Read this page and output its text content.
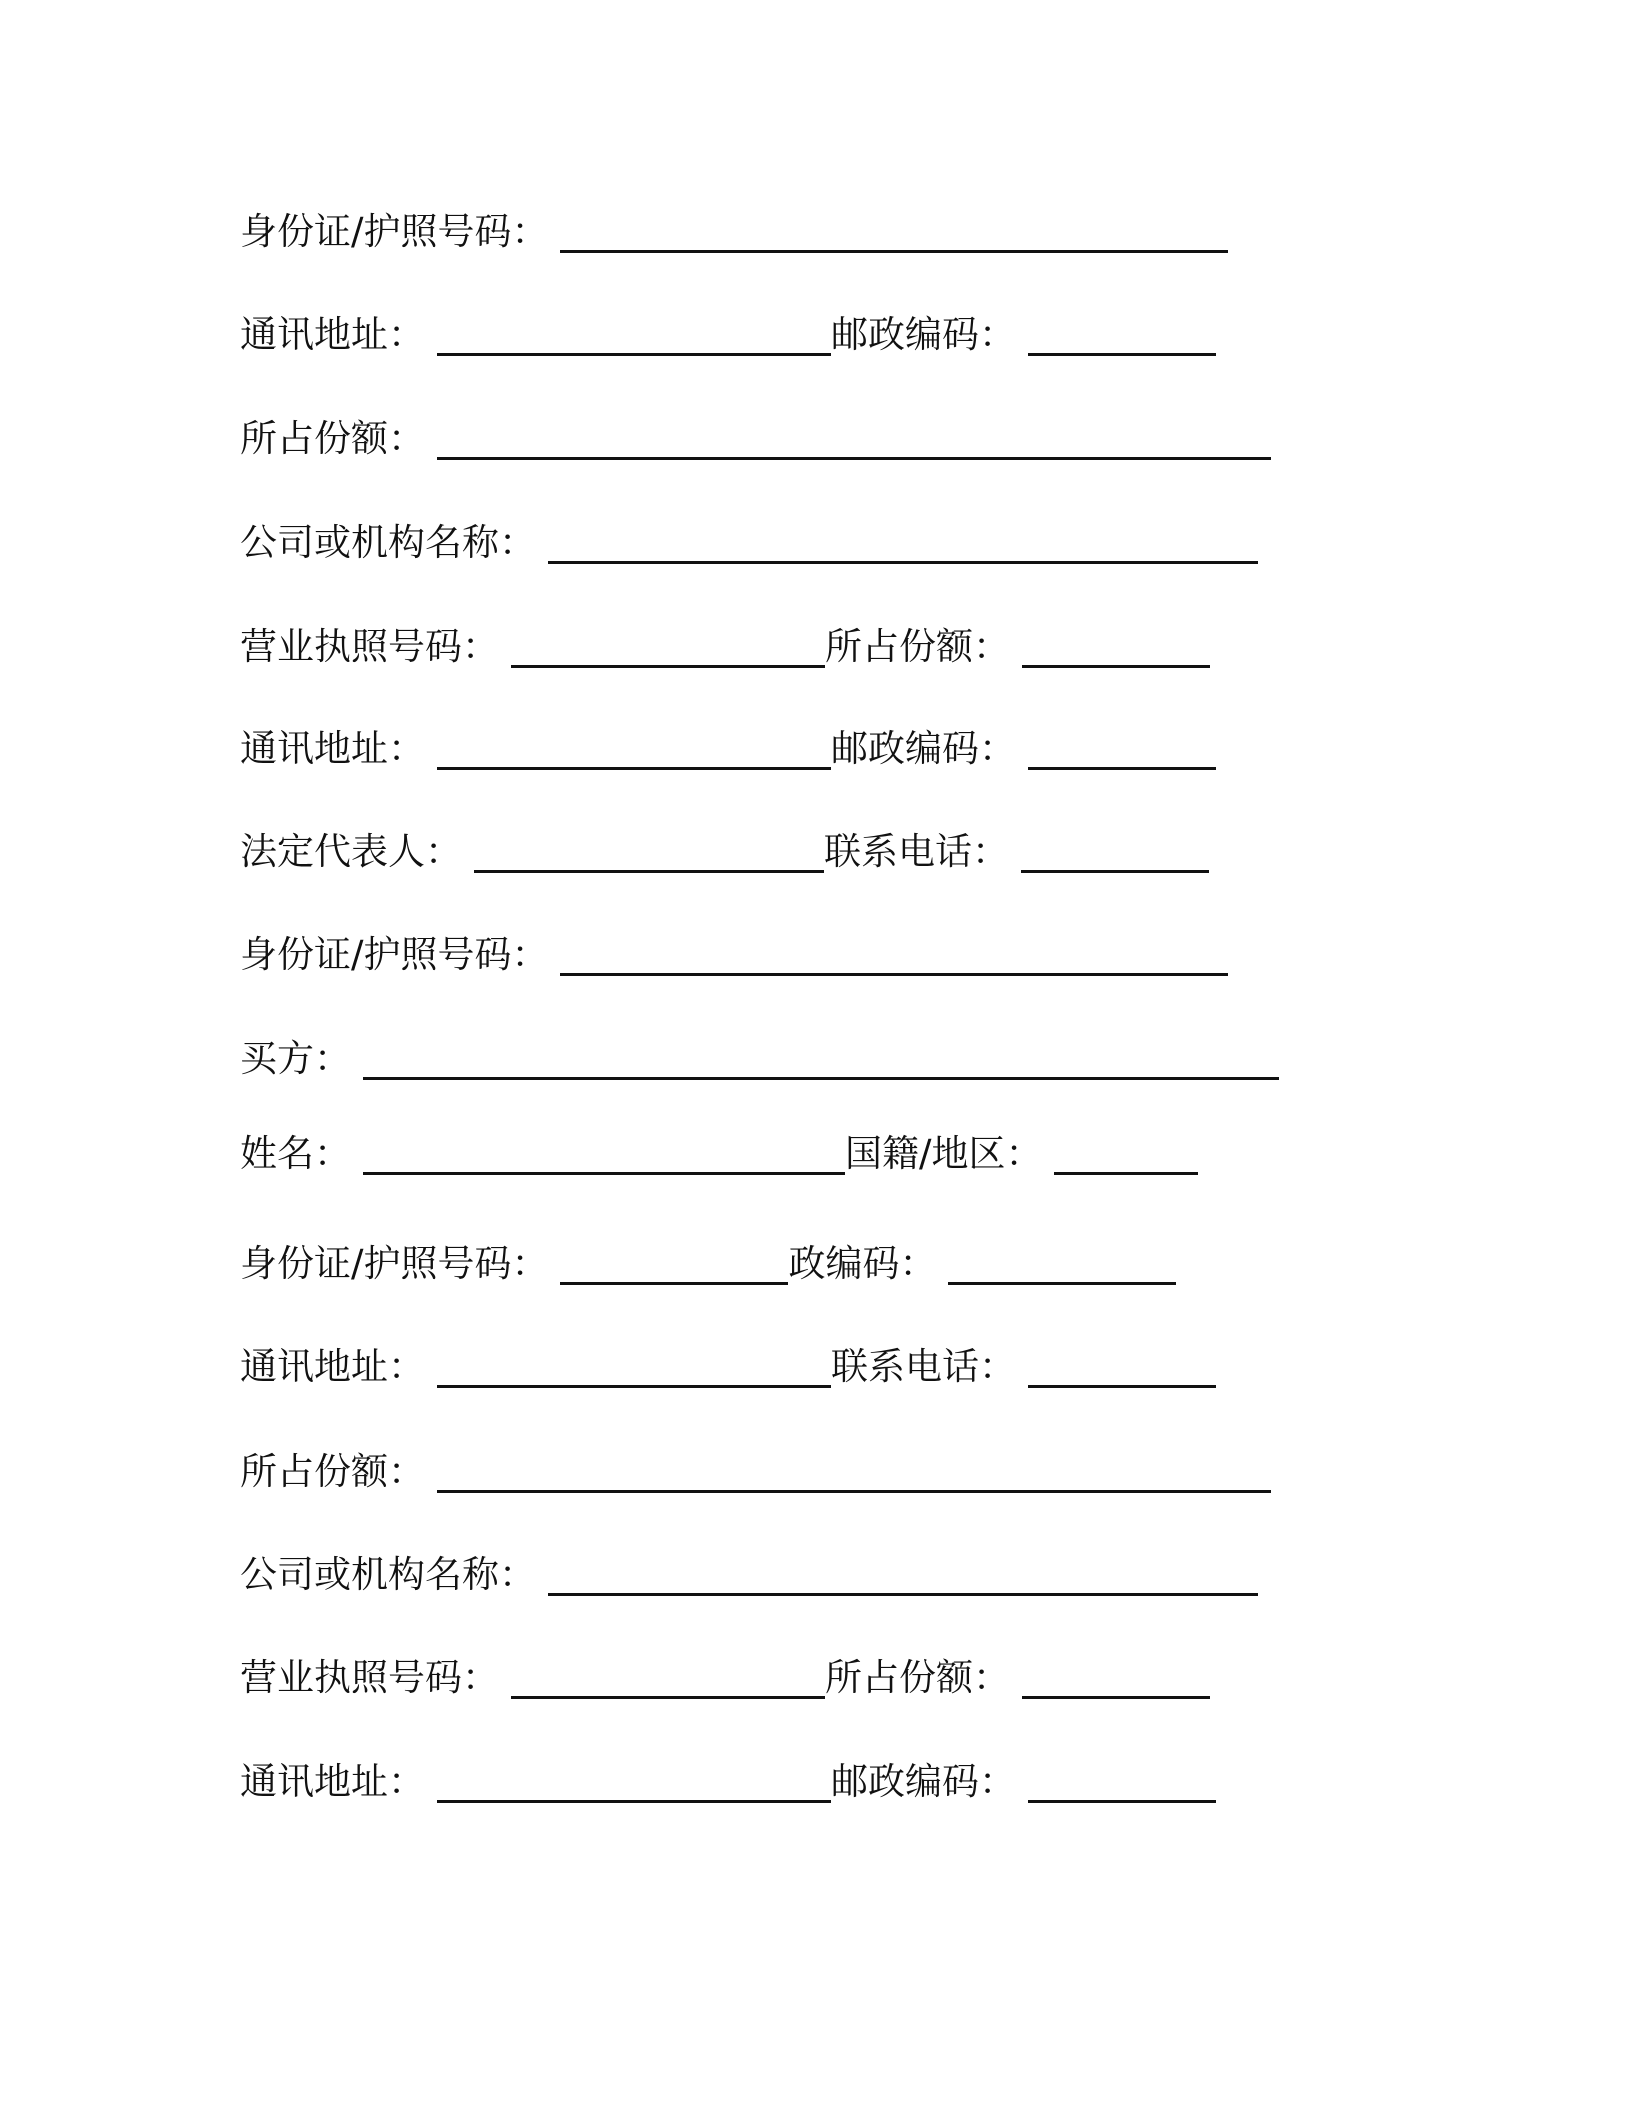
身份证/护照号码：
通讯地址：	邮政编码：
所占份额：
公司或机构名称：
营业执照号码：	所占份额：
通讯地址：	邮政编码：
法定代表人：	联系电话：
身份证/护照号码：
买方：
姓名：	国籍/地区：
身份证/护照号码：	政编码：
通讯地址：	联系电话：
所占份额：
公司或机构名称：
营业执照号码：	所占份额：
通讯地址：	邮政编码：
